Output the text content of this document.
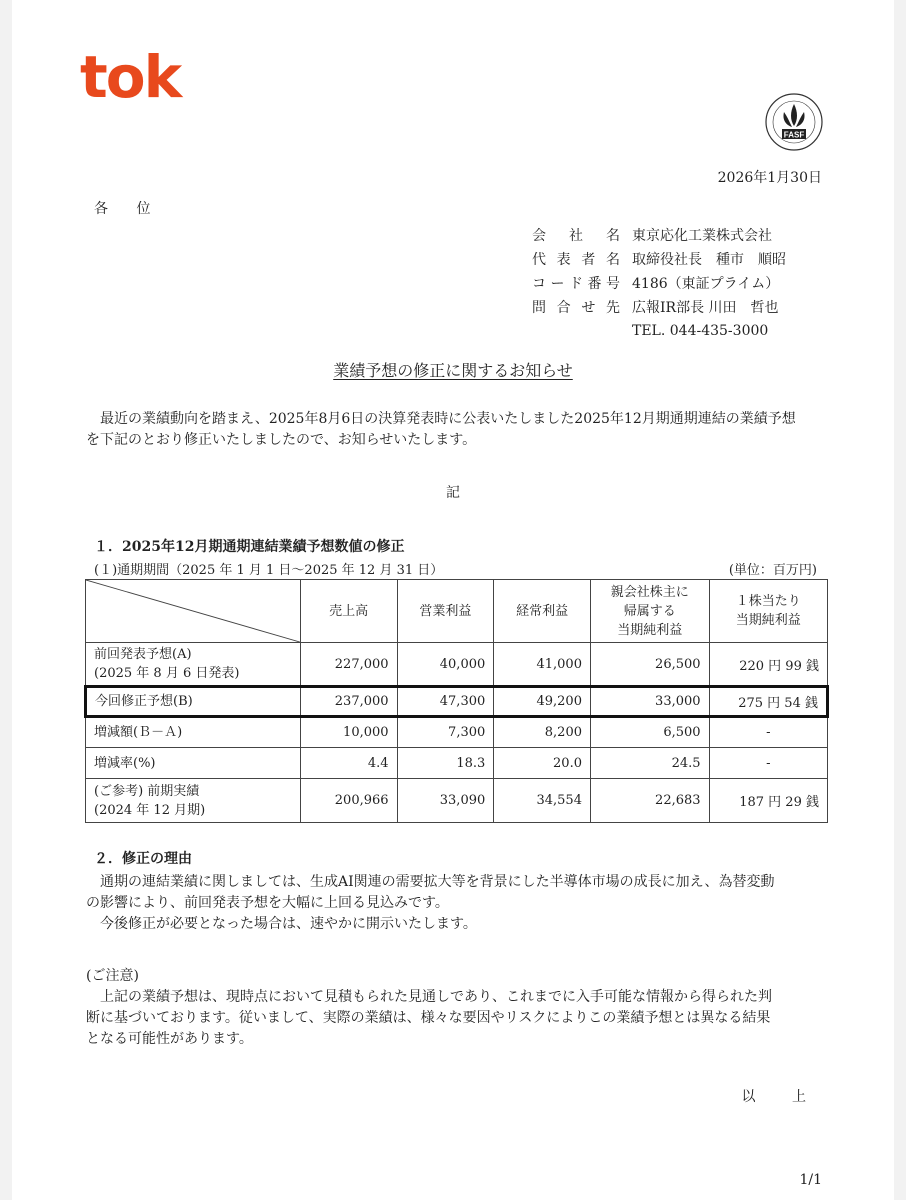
tok
FASF
2026年1月30日
各 位
会 社 名 東京応化工業株式会社
代 表 者 名 取締役社長　種市　順昭
コード番号 4186（東証プライム）
問 合 せ 先 広報IR部長 川田　哲也
TEL. 044-435-3000
業績予想の修正に関するお知らせ
最近の業績動向を踏まえ、2025年8月6日の決算発表時に公表いたしました2025年12月期通期連結の業績予想
を下記のとおり修正いたしましたので、お知らせいたします。
記
１．2025年12月期通期連結業績予想数値の修正
(１)通期期間（2025 年 1 月 1 日～2025 年 12 月 31 日）	(単位：百万円)

売上高	営業利益	経常利益	親会社株主に
帰属する
当期純利益	１株当たり
当期純利益

前回発表予想(A)
(2025 年 8 月 6 日発表)	227,000	40,000	41,000	26,500	220 円 99 銭

今回修正予想(B)	237,000	47,300	49,200	33,000	275 円 54 銭

増減額(Ｂ－Ａ)	10,000	7,300	8,200	6,500	-

増減率(%)	4.4	18.3	20.0	24.5	-

(ご参考) 前期実績
(2024 年 12 月期)	200,966	33,090	34,554	22,683	187 円 29 銭
２．修正の理由
通期の連結業績に関しましては、生成AI関連の需要拡大等を背景にした半導体市場の成長に加え、為替変動
の影響により、前回発表予想を大幅に上回る見込みです。
今後修正が必要となった場合は、速やかに開示いたします。
(ご注意)
上記の業績予想は、現時点において見積もられた見通しであり、これまでに入手可能な情報から得られた判
断に基づいております。従いまして、実際の業績は、様々な要因やリスクによりこの業績予想とは異なる結果
となる可能性があります。
以 上
1/1
